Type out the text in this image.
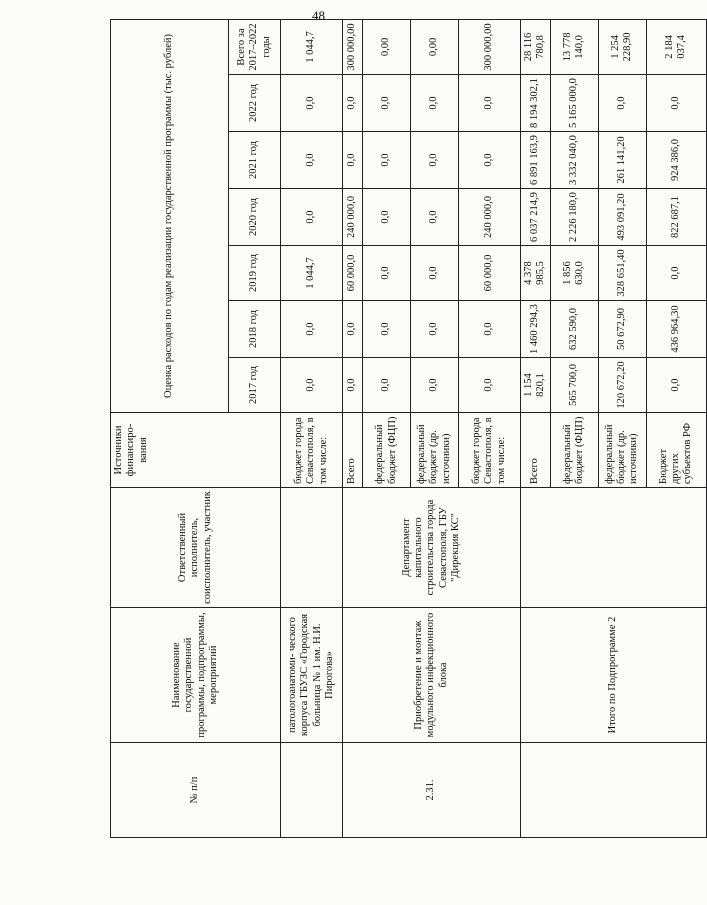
48
№ п/п	Наименование государственной программы, подпрограммы, мероприятий	Ответственный исполнитель, соисполнитель, участник	Источники финансиро- вания	Оценка расходов по годам реализации государственной программы (тыс. рублей)						
				2017 год	2018 год	2019 год	2020 год	2021 год	2022 год	Всего за 2017–2022 годы
	патологоанатоми- ческого корпуса ГБУЗС «Городская больница № 1 им. Н.И. Пирогова»		бюджет города Севастополя, в том числе:	0,0	0,0	1 044,7	0,0	0,0	0,0	1 044,7
2.31.	Приобретение и монтаж модульного инфекционного блока	Департамент капитального строительства города Севастополя, ГБУ "Дирекция КС"	Всего	0,0	0,0	60 000,0	240 000,0	0,0	0,0	300 000,00
			федеральный бюджет (ФЦП)	0,0	0,0	0,0	0,0	0,0	0,0	0,00
			федеральный бюджет (др. источники)	0,0	0,0	0,0	0,0	0,0	0,0	0,00
			бюджет города Севастополя, в том числе:	0,0	0,0	60 000,0	240 000,0	0,0	0,0	300 000,00
	Итого по Подпрограмме 2		Всего	1 154 820,1	1 460 294,3	4 378 985,5	6 037 214,9	6 891 163,9	8 194 302,1	28 116 780,8
			федеральный бюджет (ФЦП)	565 700,0	632 590,0	1 856 630,0	2 226 180,0	3 332 040,0	5 165 000,0	13 778 140,0
			федеральный бюджет (др. источники)	120 672,20	50 672,90	328 651,40	493 091,20	261 141,20	0,0	1 254 228,90
			Бюджет других субъектов РФ	0,0	436 964,30	0,0	822 687,1	924 386,0	0,0	2 184 037,4
